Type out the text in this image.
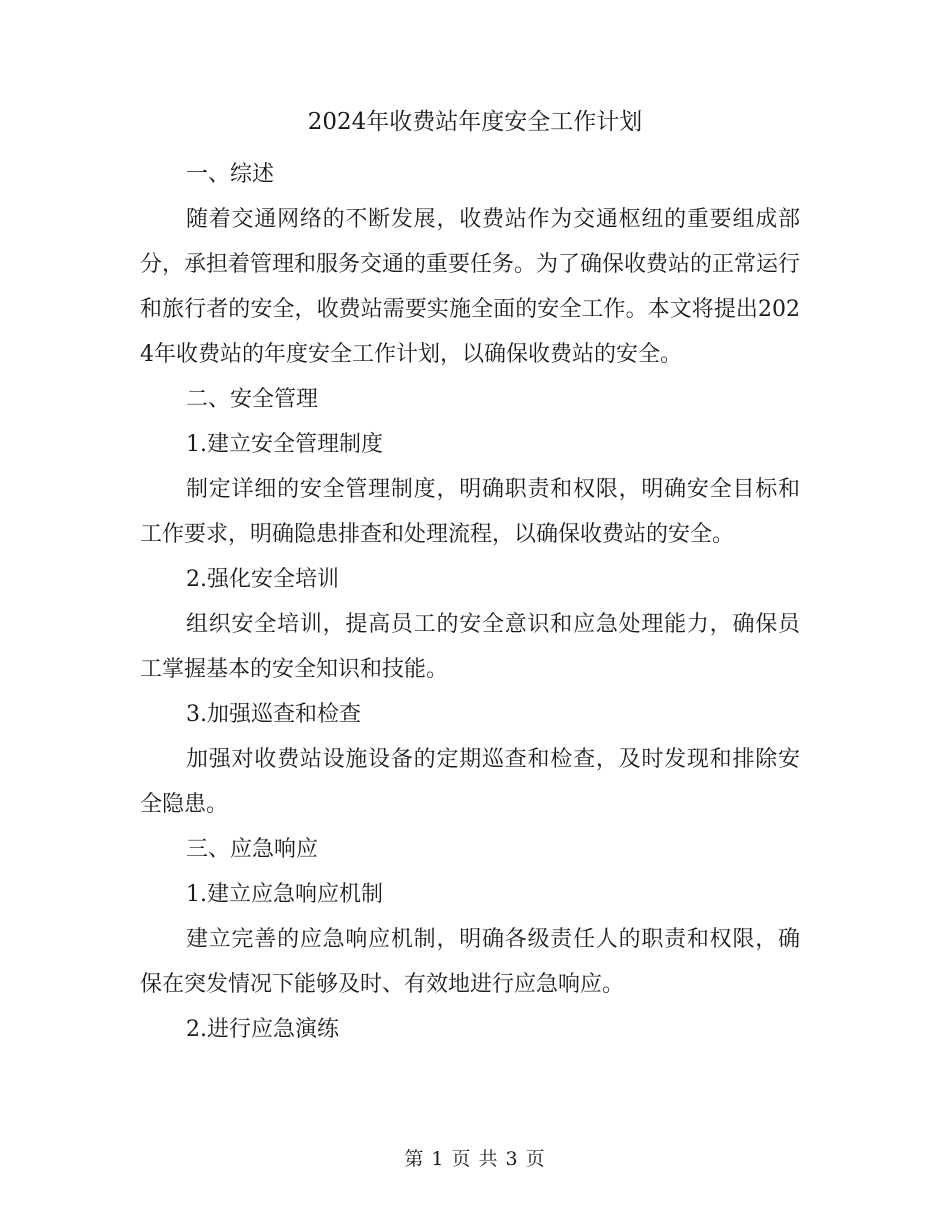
2024年收费站年度安全工作计划

一、综述

随着交通网络的不断发展，收费站作为交通枢纽的重要组成部分，承担着管理和服务交通的重要任务。为了确保收费站的正常运行和旅行者的安全，收费站需要实施全面的安全工作。本文将提出2024年收费站的年度安全工作计划，以确保收费站的安全。

二、安全管理

1.建立安全管理制度

制定详细的安全管理制度，明确职责和权限，明确安全目标和工作要求，明确隐患排查和处理流程，以确保收费站的安全。

2.强化安全培训

组织安全培训，提高员工的安全意识和应急处理能力，确保员工掌握基本的安全知识和技能。

3.加强巡查和检查

加强对收费站设施设备的定期巡查和检查，及时发现和排除安全隐患。

三、应急响应

1.建立应急响应机制

建立完善的应急响应机制，明确各级责任人的职责和权限，确保在突发情况下能够及时、有效地进行应急响应。

2.进行应急演练

第 1 页 共 3 页
